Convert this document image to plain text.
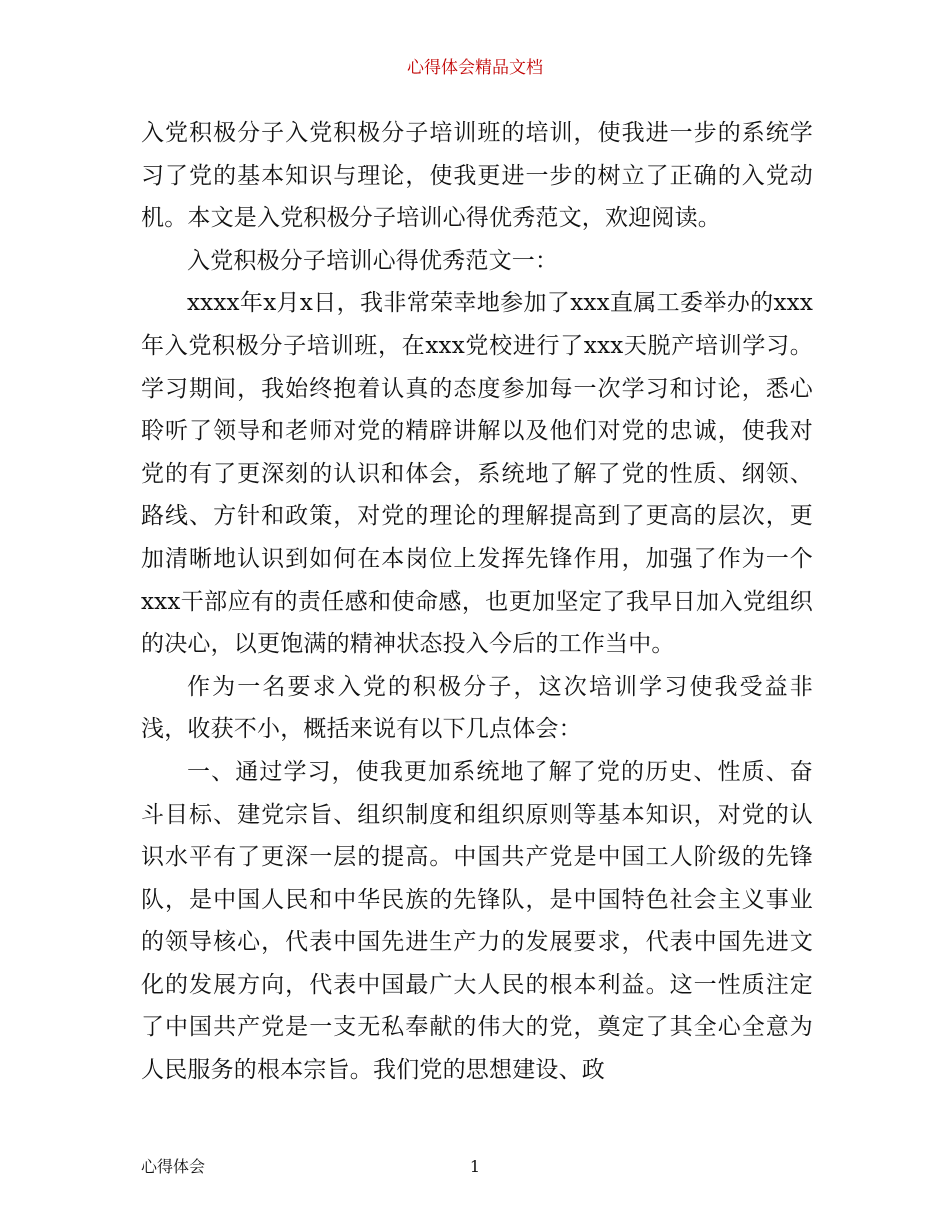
心得体会精品文档

入党积极分子入党积极分子培训班的培训，使我进一步的系统学习了党的基本知识与理论，使我更进一步的树立了正确的入党动机。本文是入党积极分子培训心得优秀范文，欢迎阅读。

入党积极分子培训心得优秀范文一：

xxxx年x月x日，我非常荣幸地参加了xxx直属工委举办的xxx年入党积极分子培训班，在xxx党校进行了xxx天脱产培训学习。学习期间，我始终抱着认真的态度参加每一次学习和讨论，悉心聆听了领导和老师对党的精辟讲解以及他们对党的忠诚，使我对党的有了更深刻的认识和体会，系统地了解了党的性质、纲领、路线、方针和政策，对党的理论的理解提高到了更高的层次，更加清晰地认识到如何在本岗位上发挥先锋作用，加强了作为一个xxx干部应有的责任感和使命感，也更加坚定了我早日加入党组织的决心，以更饱满的精神状态投入今后的工作当中。

作为一名要求入党的积极分子，这次培训学习使我受益非浅，收获不小，概括来说有以下几点体会：

一、通过学习，使我更加系统地了解了党的历史、性质、奋斗目标、建党宗旨、组织制度和组织原则等基本知识，对党的认识水平有了更深一层的提高。中国共产党是中国工人阶级的先锋队，是中国人民和中华民族的先锋队，是中国特色社会主义事业的领导核心，代表中国先进生产力的发展要求，代表中国先进文化的发展方向，代表中国最广大人民的根本利益。这一性质注定了中国共产党是一支无私奉献的伟大的党，奠定了其全心全意为人民服务的根本宗旨。我们党的思想建设、政

心得体会	1
